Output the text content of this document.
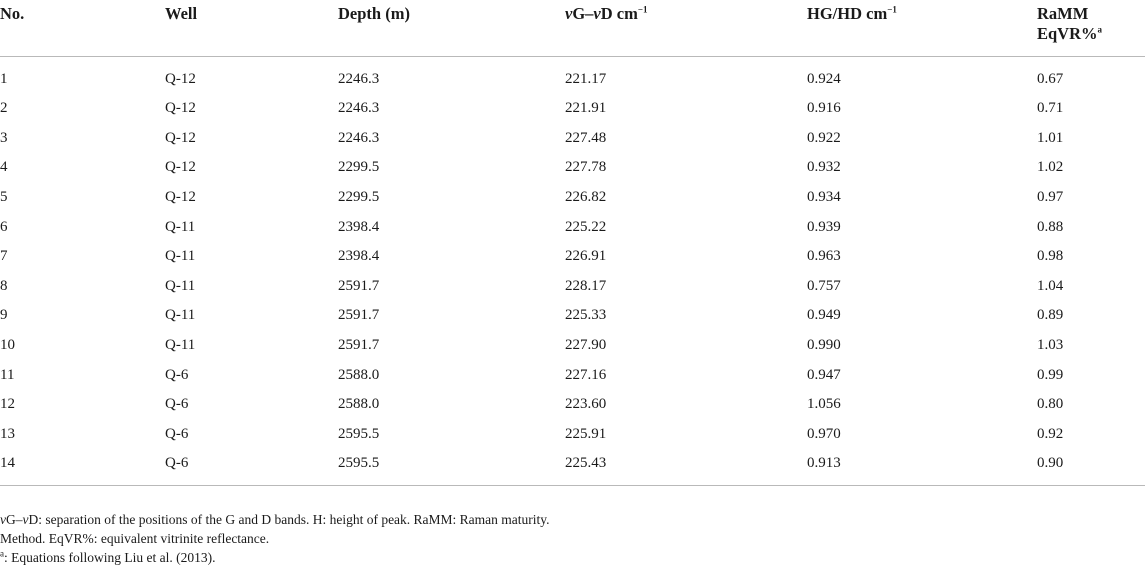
No.	Well	Depth (m)	vG–vD $cm^{-1}$	HG/HD $cm^{-1}$	RaMM
EqVR%$^a$
1	Q-12	2246.3	221.17	0.924	0.67
2	Q-12	2246.3	221.91	0.916	0.71
3	Q-12	2246.3	227.48	0.922	1.01
4	Q-12	2299.5	227.78	0.932	1.02
5	Q-12	2299.5	226.82	0.934	0.97
6	Q-11	2398.4	225.22	0.939	0.88
7	Q-11	2398.4	226.91	0.963	0.98
8	Q-11	2591.7	228.17	0.757	1.04
9	Q-11	2591.7	225.33	0.949	0.89
10	Q-11	2591.7	227.90	0.990	1.03
11	Q-6	2588.0	227.16	0.947	0.99
12	Q-6	2588.0	223.60	1.056	0.80
13	Q-6	2595.5	225.91	0.970	0.92
14	Q-6	2595.5	225.43	0.913	0.90

vG–vD: separation of the positions of the G and D bands. H: height of peak. RaMM: Raman maturity.

Method. EqVR%: equivalent vitrinite reflectance.

$^a$: Equations following Liu et al. (2013).
